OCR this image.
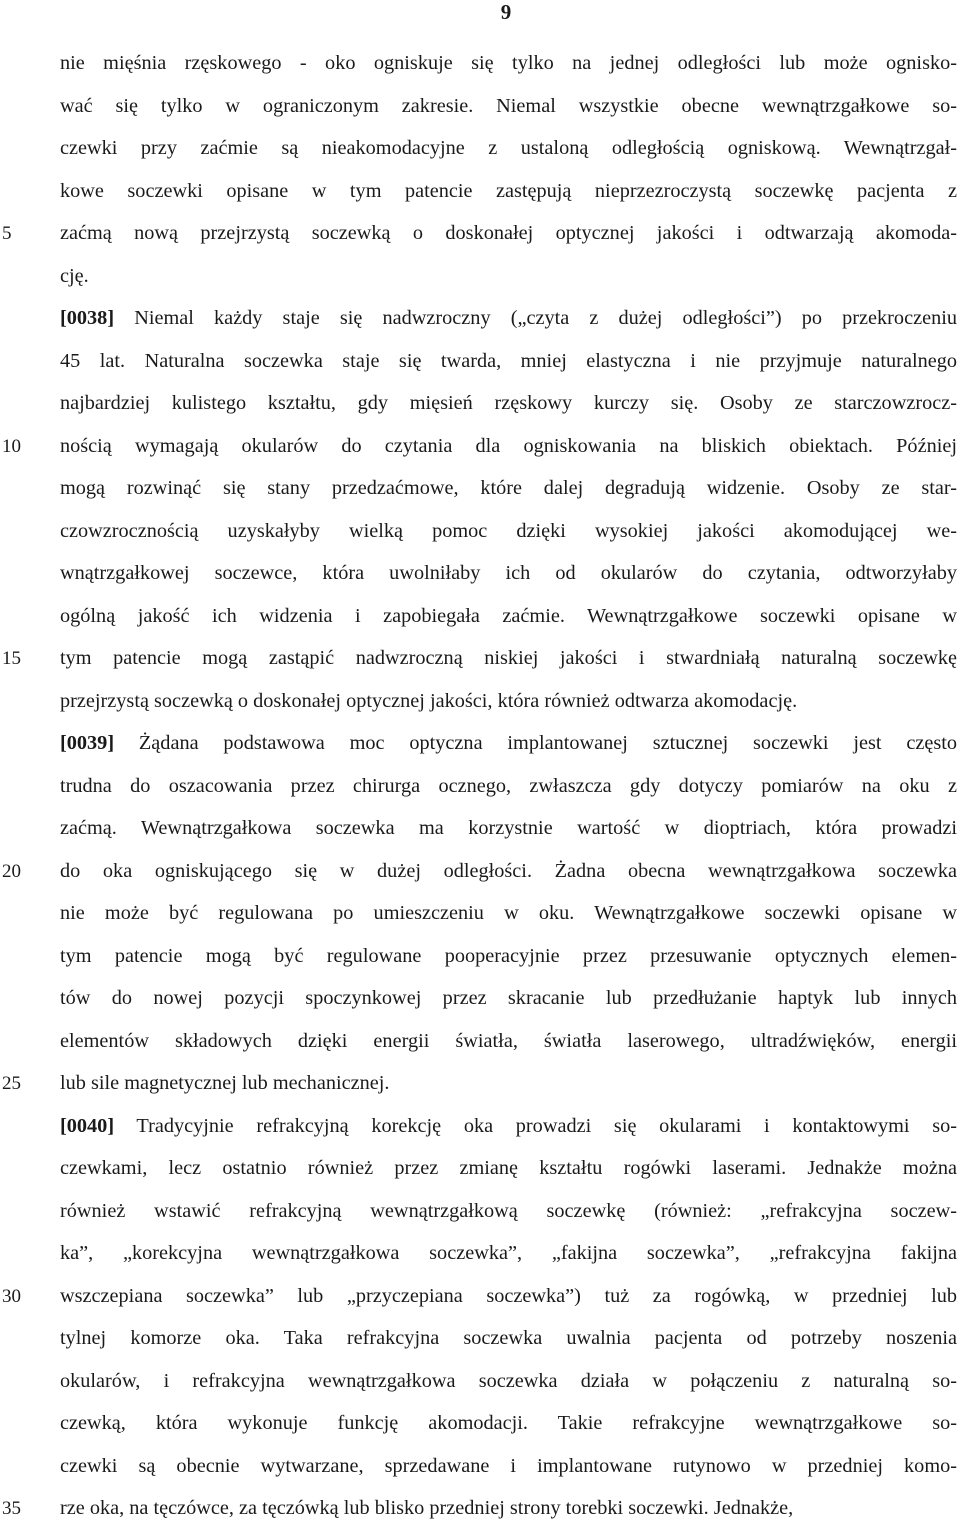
9
5
10
15
20
25
30
35
nie mięśnia rzęskowego - oko ogniskuje się tylko na jednej odległości lub może ognisko-
wać się tylko w ograniczonym zakresie. Niemal wszystkie obecne wewnątrzgałkowe so-
czewki przy zaćmie są nieakomodacyjne z ustaloną odległością ogniskową. Wewnątrzgał-
kowe soczewki opisane w tym patencie zastępują nieprzezroczystą soczewkę pacjenta z
zaćmą nową przejrzystą soczewką o doskonałej optycznej jakości i odtwarzają akomoda-
cję.
[0038] Niemal każdy staje się nadwzroczny („czyta z dużej odległości”) po przekroczeniu
45 lat. Naturalna soczewka staje się twarda, mniej elastyczna i nie przyjmuje naturalnego
najbardziej kulistego kształtu, gdy mięsień rzęskowy kurczy się. Osoby ze starczowzrocz-
nością wymagają okularów do czytania dla ogniskowania na bliskich obiektach. Później
mogą rozwinąć się stany przedzaćmowe, które dalej degradują widzenie. Osoby ze star-
czowzrocznością uzyskałyby wielką pomoc dzięki wysokiej jakości akomodującej we-
wnątrzgałkowej soczewce, która uwolniłaby ich od okularów do czytania, odtworzyłaby
ogólną jakość ich widzenia i zapobiegała zaćmie. Wewnątrzgałkowe soczewki opisane w
tym patencie mogą zastąpić nadwzroczną niskiej jakości i stwardniałą naturalną soczewkę
przejrzystą soczewką o doskonałej optycznej jakości, która również odtwarza akomodację.
[0039] Żądana podstawowa moc optyczna implantowanej sztucznej soczewki jest często
trudna do oszacowania przez chirurga ocznego, zwłaszcza gdy dotyczy pomiarów na oku z
zaćmą. Wewnątrzgałkowa soczewka ma korzystnie wartość w dioptriach, która prowadzi
do oka ogniskującego się w dużej odległości. Żadna obecna wewnątrzgałkowa soczewka
nie może być regulowana po umieszczeniu w oku. Wewnątrzgałkowe soczewki opisane w
tym patencie mogą być regulowane pooperacyjnie przez przesuwanie optycznych elemen-
tów do nowej pozycji spoczynkowej przez skracanie lub przedłużanie haptyk lub innych
elementów składowych dzięki energii światła, światła laserowego, ultradźwięków, energii
lub sile magnetycznej lub mechanicznej.
[0040] Tradycyjnie refrakcyjną korekcję oka prowadzi się okularami i kontaktowymi so-
czewkami, lecz ostatnio również przez zmianę kształtu rogówki laserami. Jednakże można
również wstawić refrakcyjną wewnątrzgałkową soczewkę (również: „refrakcyjna soczew-
ka”, „korekcyjna wewnątrzgałkowa soczewka”, „fakijna soczewka”, „refrakcyjna fakijna
wszczepiana soczewka” lub „przyczepiana soczewka”) tuż za rogówką, w przedniej lub
tylnej komorze oka. Taka refrakcyjna soczewka uwalnia pacjenta od potrzeby noszenia
okularów, i refrakcyjna wewnątrzgałkowa soczewka działa w połączeniu z naturalną so-
czewką, która wykonuje funkcję akomodacji. Takie refrakcyjne wewnątrzgałkowe so-
czewki są obecnie wytwarzane, sprzedawane i implantowane rutynowo w przedniej komo-
rze oka, na tęczówce, za tęczówką lub blisko przedniej strony torebki soczewki. Jednakże,
